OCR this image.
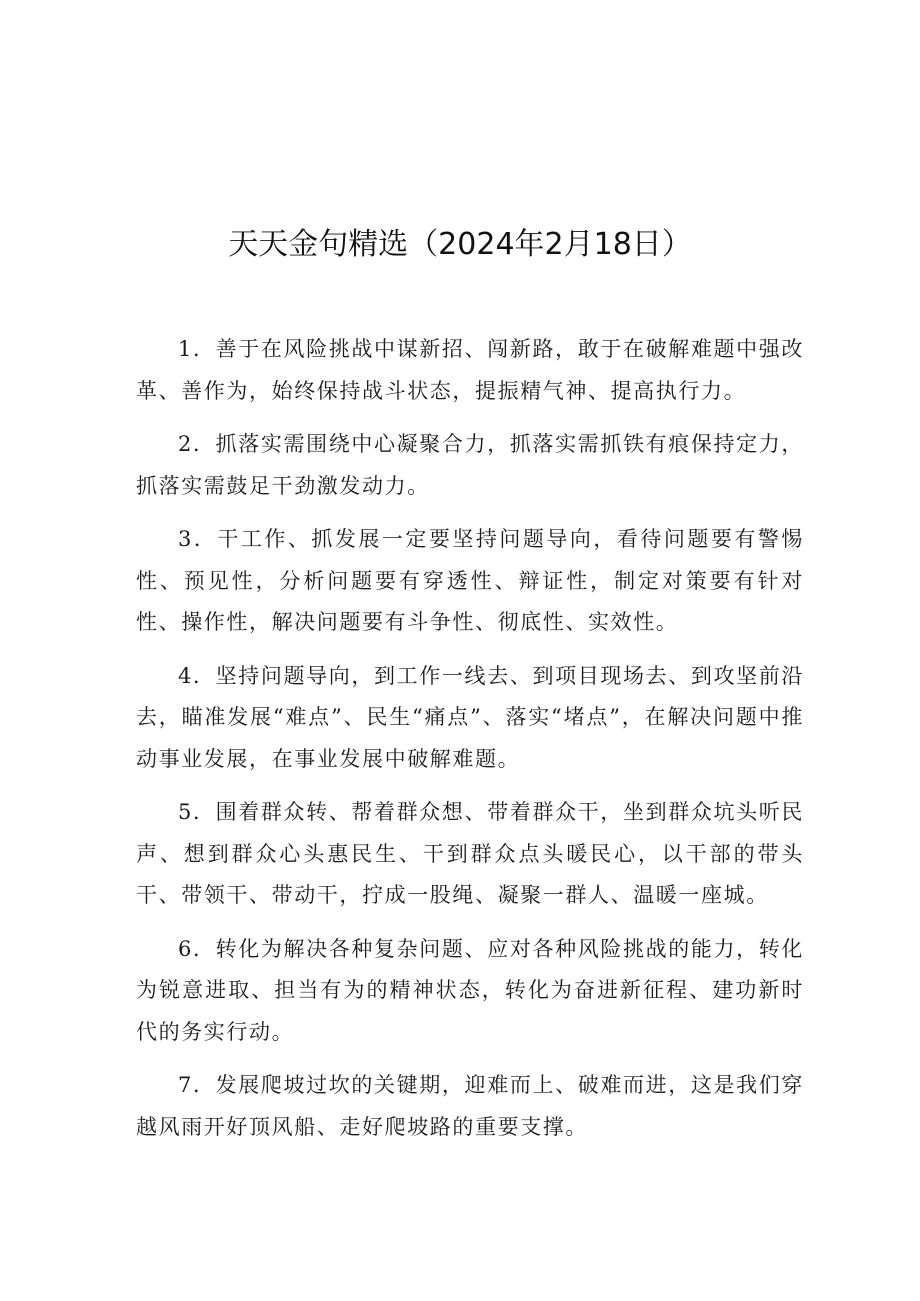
天天金句精选（2024年2月18日）

1．善于在风险挑战中谋新招、闯新路，敢于在破解难题中强改革、善作为，始终保持战斗状态，提振精气神、提高执行力。

2．抓落实需围绕中心凝聚合力，抓落实需抓铁有痕保持定力，抓落实需鼓足干劲激发动力。

3．干工作、抓发展一定要坚持问题导向，看待问题要有警惕性、预见性，分析问题要有穿透性、辩证性，制定对策要有针对性、操作性，解决问题要有斗争性、彻底性、实效性。

4．坚持问题导向，到工作一线去、到项目现场去、到攻坚前沿去，瞄准发展“难点”、民生“痛点”、落实“堵点”，在解决问题中推动事业发展，在事业发展中破解难题。

5．围着群众转、帮着群众想、带着群众干，坐到群众坑头听民声、想到群众心头惠民生、干到群众点头暖民心，以干部的带头干、带领干、带动干，拧成一股绳、凝聚一群人、温暖一座城。

6．转化为解决各种复杂问题、应对各种风险挑战的能力，转化为锐意进取、担当有为的精神状态，转化为奋进新征程、建功新时代的务实行动。

7．发展爬坡过坎的关键期，迎难而上、破难而进，这是我们穿越风雨开好顶风船、走好爬坡路的重要支撑。
